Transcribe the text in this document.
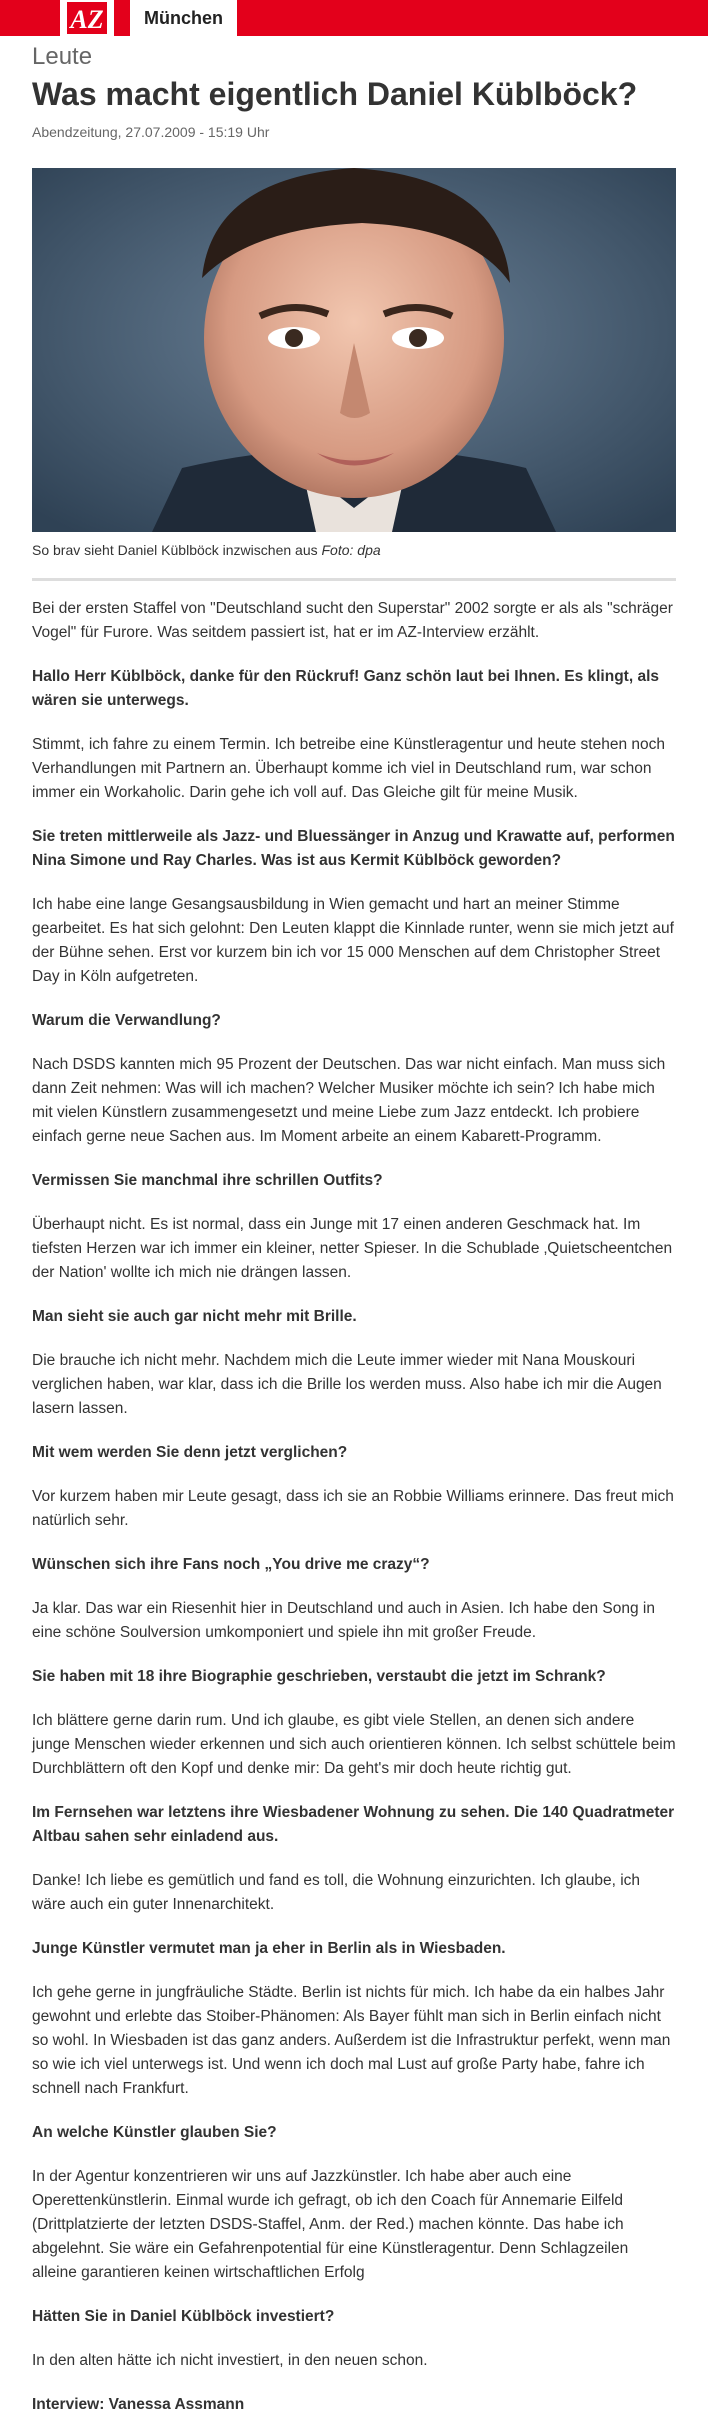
AZ	München
Leute
Was macht eigentlich Daniel Küblböck?
Abendzeitung, 27.07.2009 - 15:19 Uhr
So brav sieht Daniel Küblböck inzwischen aus Foto: dpa

Bei der ersten Staffel von "Deutschland sucht den Superstar" 2002 sorgte er als als "schräger Vogel" für Furore. Was seitdem passiert ist, hat er im AZ-Interview erzählt.

Hallo Herr Küblböck, danke für den Rückruf! Ganz schön laut bei Ihnen. Es klingt, als wären sie unterwegs.

Stimmt, ich fahre zu einem Termin. Ich betreibe eine Künstleragentur und heute stehen noch Verhandlungen mit Partnern an. Überhaupt komme ich viel in Deutschland rum, war schon immer ein Workaholic. Darin gehe ich voll auf. Das Gleiche gilt für meine Musik.

Sie treten mittlerweile als Jazz- und Bluessänger in Anzug und Krawatte auf, performen Nina Simone und Ray Charles. Was ist aus Kermit Küblböck geworden?

Ich habe eine lange Gesangsausbildung in Wien gemacht und hart an meiner Stimme gearbeitet. Es hat sich gelohnt: Den Leuten klappt die Kinnlade runter, wenn sie mich jetzt auf der Bühne sehen. Erst vor kurzem bin ich vor 15 000 Menschen auf dem Christopher Street Day in Köln aufgetreten.

Warum die Verwandlung?

Nach DSDS kannten mich 95 Prozent der Deutschen. Das war nicht einfach. Man muss sich dann Zeit nehmen: Was will ich machen? Welcher Musiker möchte ich sein? Ich habe mich mit vielen Künstlern zusammengesetzt und meine Liebe zum Jazz entdeckt. Ich probiere einfach gerne neue Sachen aus. Im Moment arbeite an einem Kabarett-Programm.

Vermissen Sie manchmal ihre schrillen Outfits?

Überhaupt nicht. Es ist normal, dass ein Junge mit 17 einen anderen Geschmack hat. Im tiefsten Herzen war ich immer ein kleiner, netter Spieser. In die Schublade ‚Quietscheentchen der Nation' wollte ich mich nie drängen lassen.

Man sieht sie auch gar nicht mehr mit Brille.

Die brauche ich nicht mehr. Nachdem mich die Leute immer wieder mit Nana Mouskouri verglichen haben, war klar, dass ich die Brille los werden muss. Also habe ich mir die Augen lasern lassen.

Mit wem werden Sie denn jetzt verglichen?

Vor kurzem haben mir Leute gesagt, dass ich sie an Robbie Williams erinnere. Das freut mich natürlich sehr.

Wünschen sich ihre Fans noch „You drive me crazy“?

Ja klar. Das war ein Riesenhit hier in Deutschland und auch in Asien. Ich habe den Song in eine schöne Soulversion umkomponiert und spiele ihn mit großer Freude.

Sie haben mit 18 ihre Biographie geschrieben, verstaubt die jetzt im Schrank?

Ich blättere gerne darin rum. Und ich glaube, es gibt viele Stellen, an denen sich andere junge Menschen wieder erkennen und sich auch orientieren können. Ich selbst schüttele beim Durchblättern oft den Kopf und denke mir: Da geht's mir doch heute richtig gut.

Im Fernsehen war letztens ihre Wiesbadener Wohnung zu sehen. Die 140 Quadratmeter Altbau sahen sehr einladend aus.

Danke! Ich liebe es gemütlich und fand es toll, die Wohnung einzurichten. Ich glaube, ich wäre auch ein guter Innenarchitekt.

Junge Künstler vermutet man ja eher in Berlin als in Wiesbaden.

Ich gehe gerne in jungfräuliche Städte. Berlin ist nichts für mich. Ich habe da ein halbes Jahr gewohnt und erlebte das Stoiber-Phänomen: Als Bayer fühlt man sich in Berlin einfach nicht so wohl. In Wiesbaden ist das ganz anders. Außerdem ist die Infrastruktur perfekt, wenn man so wie ich viel unterwegs ist. Und wenn ich doch mal Lust auf große Party habe, fahre ich schnell nach Frankfurt.

An welche Künstler glauben Sie?

In der Agentur konzentrieren wir uns auf Jazzkünstler. Ich habe aber auch eine Operettenkünstlerin. Einmal wurde ich gefragt, ob ich den Coach für Annemarie Eilfeld (Drittplatzierte der letzten DSDS-Staffel, Anm. der Red.) machen könnte. Das habe ich abgelehnt. Sie wäre ein Gefahrenpotential für eine Künstleragentur. Denn Schlagzeilen alleine garantieren keinen wirtschaftlichen Erfolg

Hätten Sie in Daniel Küblböck investiert?

In den alten hätte ich nicht investiert, in den neuen schon.

Interview: Vanessa Assmann
